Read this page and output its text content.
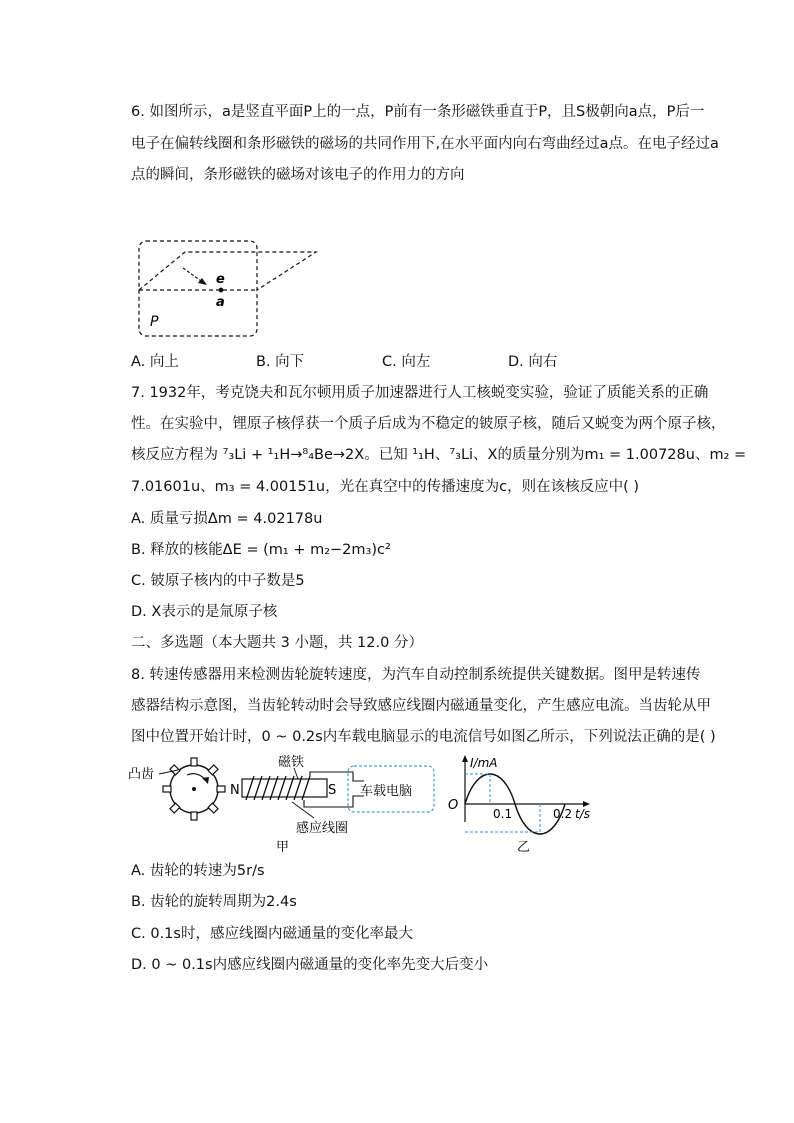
6. 如图所示，a是竖直平面P上的一点，P前有一条形磁铁垂直于P，且S极朝向a点，P后一
电子在偏转线圈和条形磁铁的磁场的共同作用下,在水平面内向右弯曲经过a点。在电子经过a
点的瞬间，条形磁铁的磁场对该电子的作用力的方向
e
a
P
A. 向上	B. 向下	C. 向左	D. 向右
7. 1932年，考克饶夫和瓦尔顿用质子加速器进行人工核蜕变实验，验证了质能关系的正确
性。在实验中，锂原子核俘获一个质子后成为不稳定的铍原子核，随后又蜕变为两个原子核，
核反应方程为 ⁷₃Li + ¹₁H→⁸₄Be→2X。已知 ¹₁H、⁷₃Li、X的质量分别为m₁ = 1.00728u、m₂ =
7.01601u、m₃ = 4.00151u，光在真空中的传播速度为c，则在该核反应中( )
A. 质量亏损Δm = 4.02178u
B. 释放的核能ΔE = (m₁ + m₂−2m₃)c²
C. 铍原子核内的中子数是5
D. X表示的是氚原子核
二、多选题（本大题共 3 小题，共 12.0 分）
8. 转速传感器用来检测齿轮旋转速度，为汽车自动控制系统提供关键数据。图甲是转速传
感器结构示意图，当齿轮转动时会导致感应线圈内磁通量变化，产生感应电流。当齿轮从甲
图中位置开始计时，0 ~ 0.2s内车载电脑显示的电流信号如图乙所示，下列说法正确的是( )
凸齿
N	S
磁铁
车载电脑
感应线圈
甲
I/mA
O
0.1	0.2 t/s
乙
A. 齿轮的转速为5r/s
B. 齿轮的旋转周期为2.4s
C. 0.1s时，感应线圈内磁通量的变化率最大
D. 0 ~ 0.1s内感应线圈内磁通量的变化率先变大后变小
